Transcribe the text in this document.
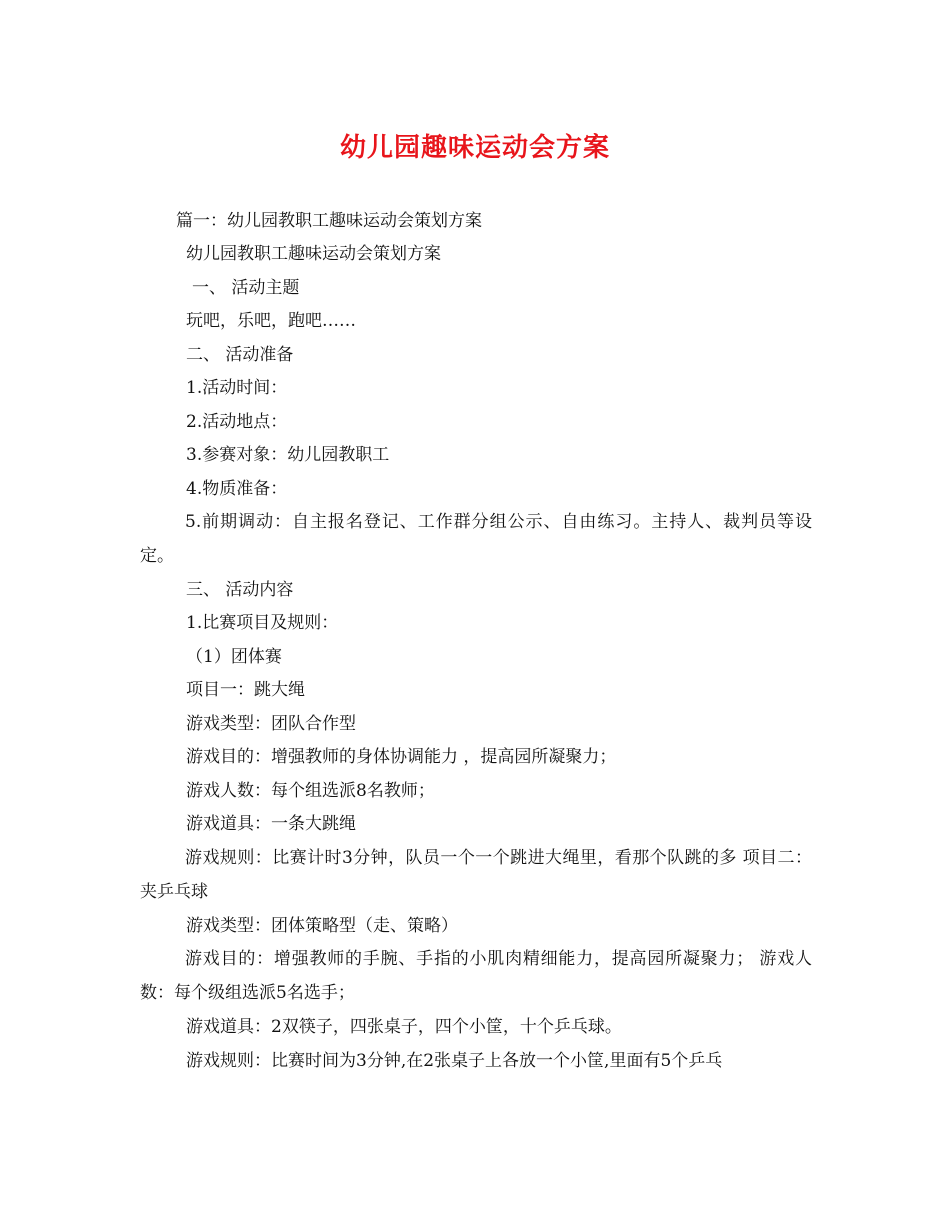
幼儿园趣味运动会方案
篇一：幼儿园教职工趣味运动会策划方案
幼儿园教职工趣味运动会策划方案
一、 活动主题
玩吧，乐吧，跑吧……
二、 活动准备
1.活动时间：
2.活动地点：
3.参赛对象：幼儿园教职工
4.物质准备：
5.前期调动：自主报名登记、工作群分组公示、自由练习。主持人、裁判员等设定。
三、 活动内容
1.比赛项目及规则：
（1）团体赛
项目一：跳大绳
游戏类型：团队合作型
游戏目的：增强教师的身体协调能力 ，提高园所凝聚力；
游戏人数：每个组选派8名教师；
游戏道具：一条大跳绳
游戏规则：比赛计时3分钟，队员一个一个跳进大绳里，看那个队跳的多 项目二：夹乒乓球
游戏类型：团体策略型（走、策略）
游戏目的：增强教师的手腕、手指的小肌肉精细能力，提高园所凝聚力； 游戏人数：每个级组选派5名选手；
游戏道具：2双筷子，四张桌子，四个小筐，十个乒乓球。
游戏规则：比赛时间为3分钟,在2张桌子上各放一个小筐,里面有5个乒乓
